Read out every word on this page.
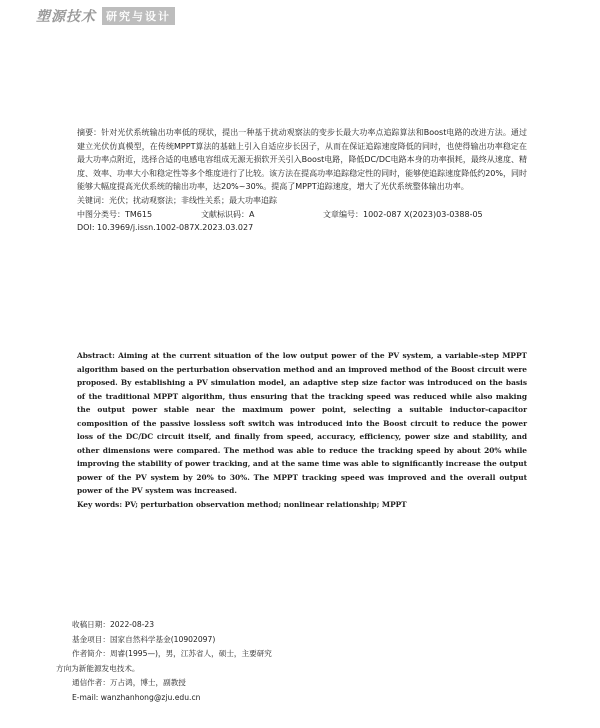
塑源技术 研究与设计

摘要：针对光伏系统输出功率低的现状，提出一种基于扰动观察法的变步长最大功率点追踪算法和Boost电路的改进方法。通过建立光伏仿真模型，在传统MPPT算法的基础上引入自适应步长因子，从而在保证追踪速度降低的同时，也使得输出功率稳定在最大功率点附近，选择合适的电感电容组成无源无损软开关引入Boost电路，降低DC/DC电路本身的功率损耗，最终从速度、精度、效率、功率大小和稳定性等多个维度进行了比较。该方法在提高功率追踪稳定性的同时，能够使追踪速度降低约20%，同时能够大幅度提高光伏系统的输出功率，达20%~30%。提高了MPPT追踪速度，增大了光伏系统整体输出功率。

关键词：光伏；扰动观察法；非线性关系；最大功率追踪

中图分类号：TM615	文献标识码：A	文章编号：1002-087 X(2023)03-0388-05

DOI: 10.3969/j.issn.1002-087X.2023.03.027

Abstract: Aiming at the current situation of the low output power of the PV system, a variable-step MPPT algorithm based on the perturbation observation method and an improved method of the Boost circuit were proposed. By establishing a PV simulation model, an adaptive step size factor was introduced on the basis of the traditional MPPT algorithm, thus ensuring that the tracking speed was reduced while also making the output power stable near the maximum power point, selecting a suitable inductor-capacitor composition of the passive lossless soft switch was introduced into the Boost circuit to reduce the power loss of the DC/DC circuit itself, and finally from speed, accuracy, efficiency, power size and stability, and other dimensions were compared. The method was able to reduce the tracking speed by about 20% while improving the stability of power tracking, and at the same time was able to significantly increase the output power of the PV system by 20% to 30%. The MPPT tracking speed was improved and the overall output power of the PV system was increased.

Key words: PV; perturbation observation method; nonlinear relationship; MPPT

收稿日期：2022-08-23
基金项目：国家自然科学基金(10902097)
作者简介：周睿(1995—)，男，江苏省人，硕士，主要研究
方向为新能源发电技术。
通信作者：万占鸿，博士，副教授
E-mail: wanzhanhong@zju.edu.cn
